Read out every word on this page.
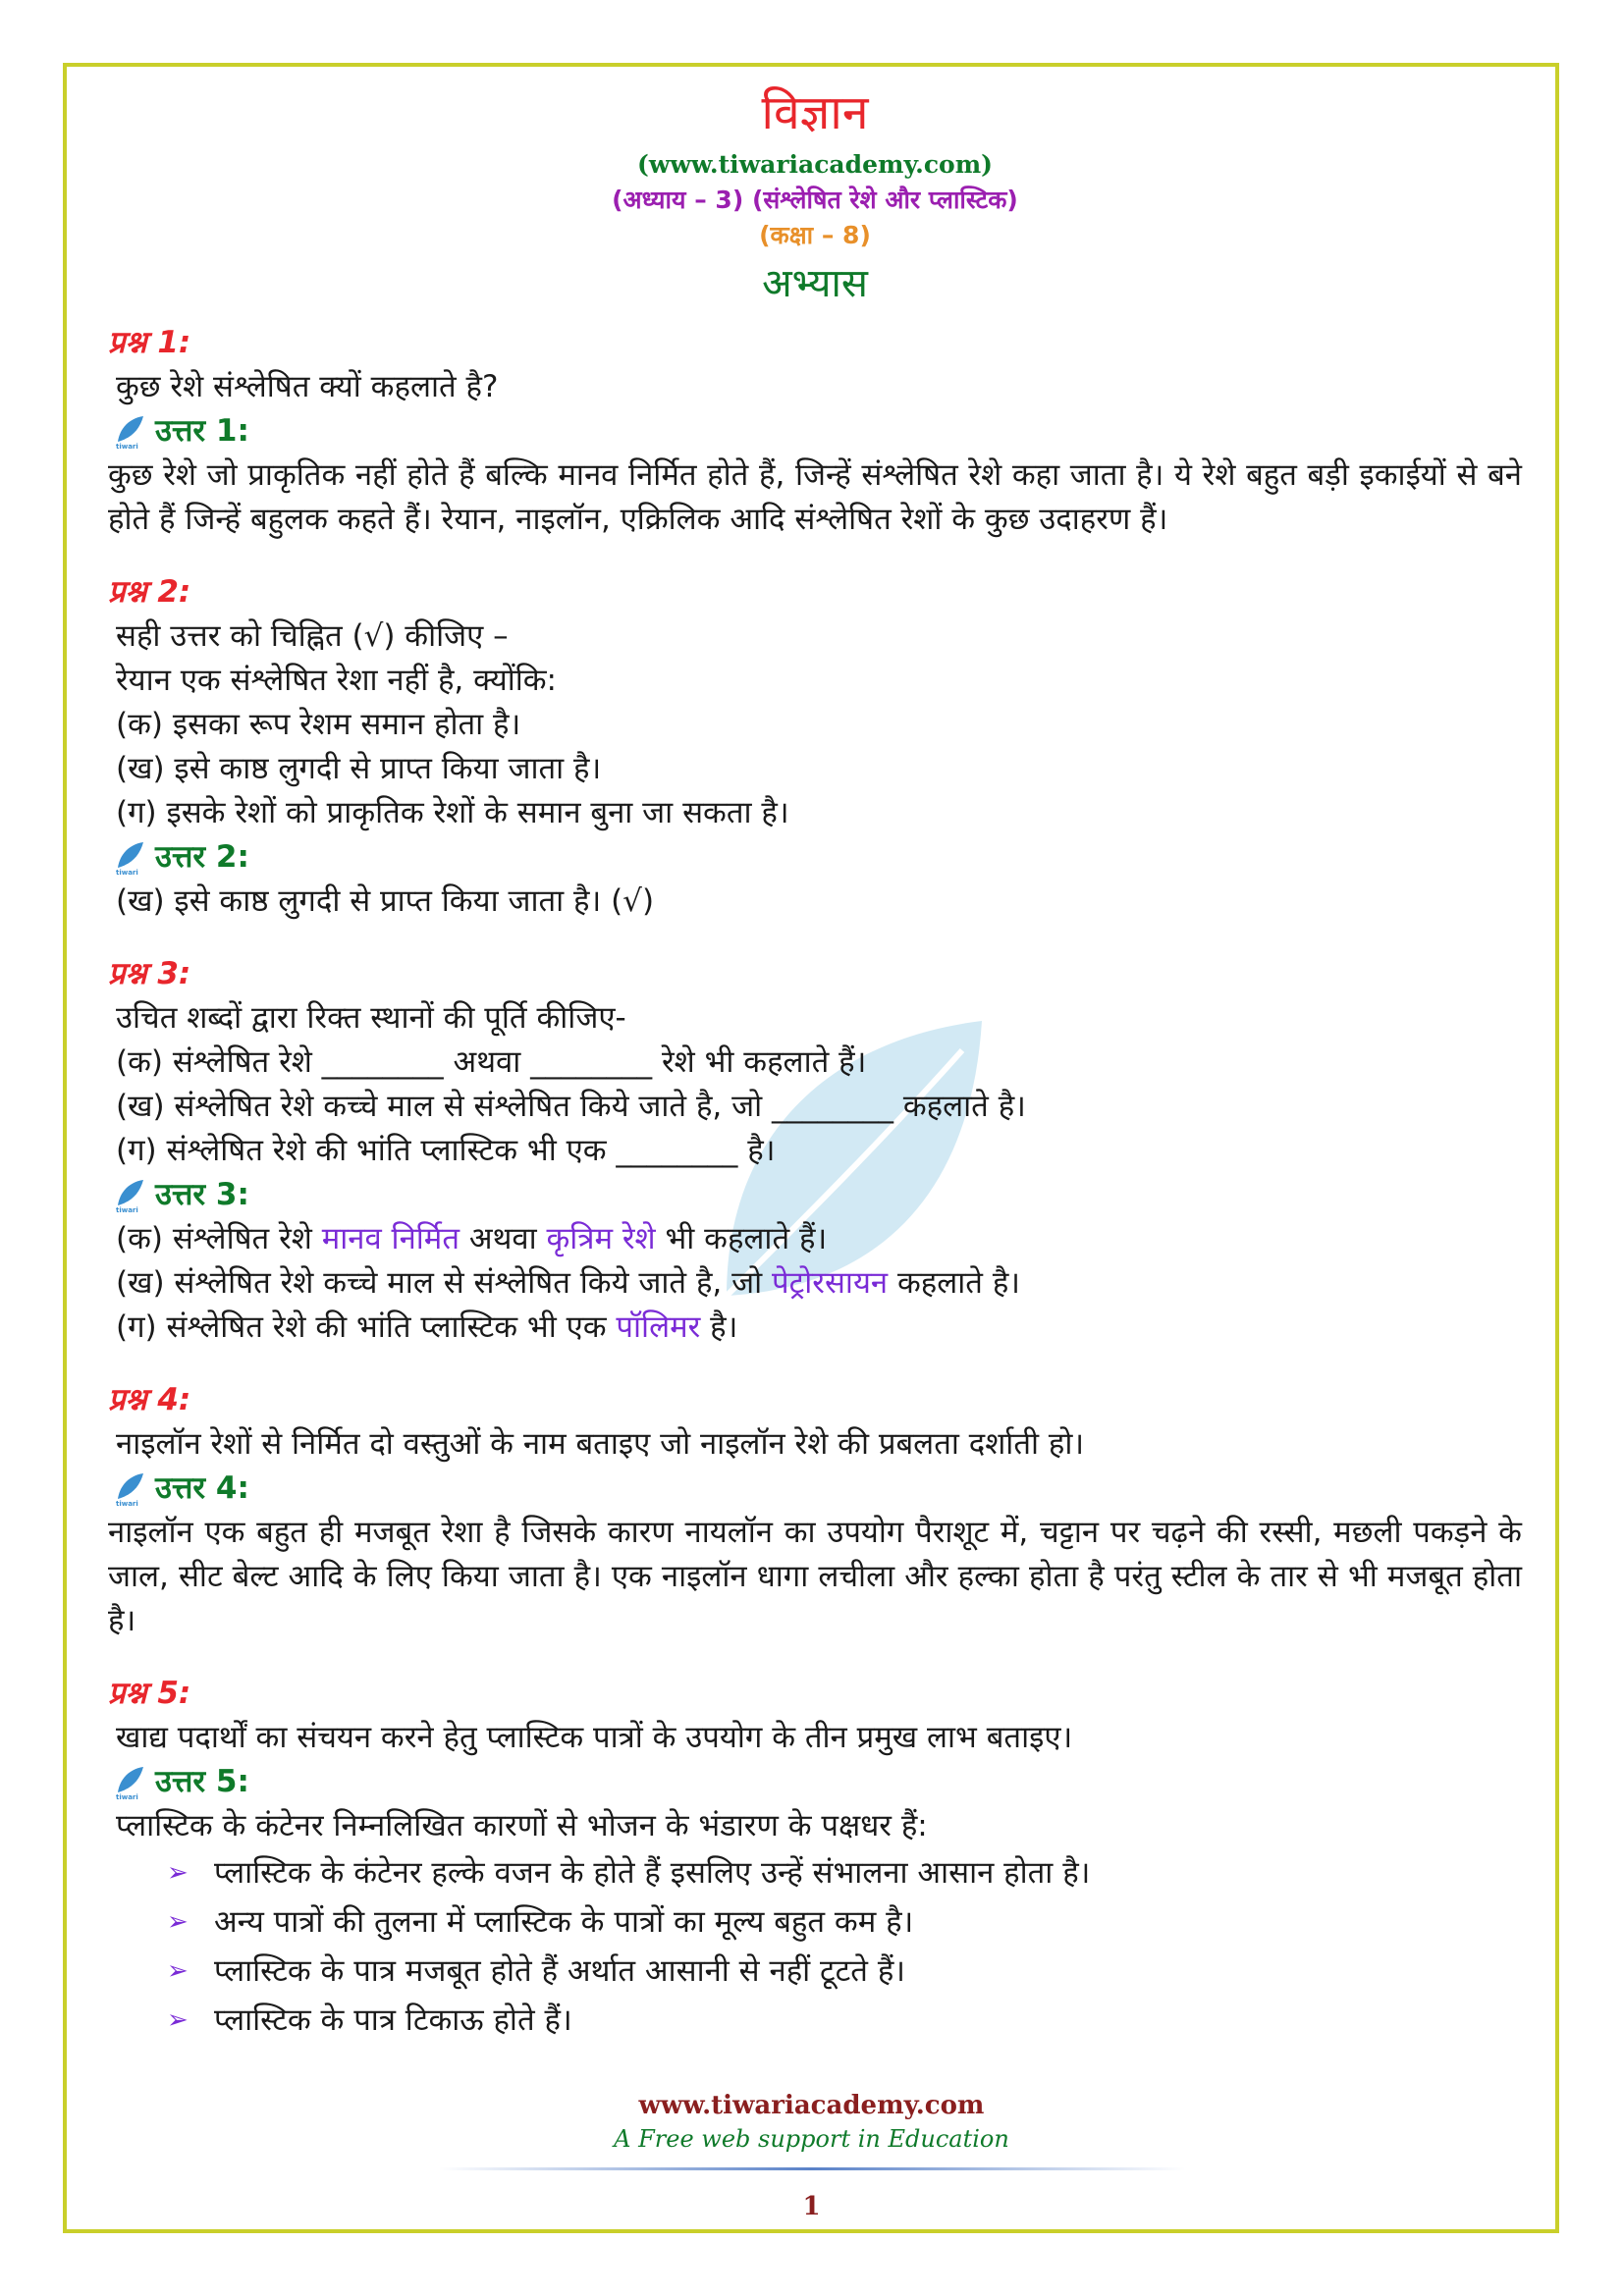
विज्ञान
(www.tiwariacademy.com)
(अध्याय – 3) (संश्लेषित रेशे और प्लास्टिक)
(कक्षा – 8)
अभ्यास
प्रश्न 1:
कुछ रेशे संश्लेषित क्यों कहलाते है?
tiwari उत्तर 1:
कुछ रेशे जो प्राकृतिक नहीं होते हैं बल्कि मानव निर्मित होते हैं, जिन्हें संश्लेषित रेशे कहा जाता है। ये रेशे बहुत बड़ी इकाईयों से बने होते हैं जिन्हें बहुलक कहते हैं। रेयान, नाइलॉन, एक्रिलिक आदि संश्लेषित रेशों के कुछ उदाहरण हैं।
प्रश्न 2:
सही उत्तर को चिह्नित (√) कीजिए –
रेयान एक संश्लेषित रेशा नहीं है, क्योंकि:
(क) इसका रूप रेशम समान होता है।
(ख) इसे काष्ठ लुगदी से प्राप्त किया जाता है।
(ग) इसके रेशों को प्राकृतिक रेशों के समान बुना जा सकता है।
tiwari उत्तर 2:
(ख) इसे काष्ठ लुगदी से प्राप्त किया जाता है। (√)
प्रश्न 3:
उचित शब्दों द्वारा रिक्त स्थानों की पूर्ति कीजिए-
(क) संश्लेषित रेशे ________ अथवा ________ रेशे भी कहलाते हैं।
(ख) संश्लेषित रेशे कच्चे माल से संश्लेषित किये जाते है, जो ________ कहलाते है।
(ग) संश्लेषित रेशे की भांति प्लास्टिक भी एक ________ है।
tiwari उत्तर 3:
(क) संश्लेषित रेशे मानव निर्मित अथवा कृत्रिम रेशे भी कहलाते हैं।
(ख) संश्लेषित रेशे कच्चे माल से संश्लेषित किये जाते है, जो पेट्रोरसायन कहलाते है।
(ग) संश्लेषित रेशे की भांति प्लास्टिक भी एक पॉलिमर है।
प्रश्न 4:
नाइलॉन रेशों से निर्मित दो वस्तुओं के नाम बताइए जो नाइलॉन रेशे की प्रबलता दर्शाती हो।
tiwari उत्तर 4:
नाइलॉन एक बहुत ही मजबूत रेशा है जिसके कारण नायलॉन का उपयोग पैराशूट में, चट्टान पर चढ़ने की रस्सी, मछली पकड़ने के जाल, सीट बेल्ट आदि के लिए किया जाता है। एक नाइलॉन धागा लचीला और हल्का होता है परंतु स्टील के तार से भी मजबूत होता है।
प्रश्न 5:
खाद्य पदार्थों का संचयन करने हेतु प्लास्टिक पात्रों के उपयोग के तीन प्रमुख लाभ बताइए।
tiwari उत्तर 5:
प्लास्टिक के कंटेनर निम्नलिखित कारणों से भोजन के भंडारण के पक्षधर हैं:
➢ प्लास्टिक के कंटेनर हल्के वजन के होते हैं इसलिए उन्हें संभालना आसान होता है।
➢ अन्य पात्रों की तुलना में प्लास्टिक के पात्रों का मूल्य बहुत कम है।
➢ प्लास्टिक के पात्र मजबूत होते हैं अर्थात आसानी से नहीं टूटते हैं।
➢ प्लास्टिक के पात्र टिकाऊ होते हैं।
www.tiwariacademy.com
A Free web support in Education
1
